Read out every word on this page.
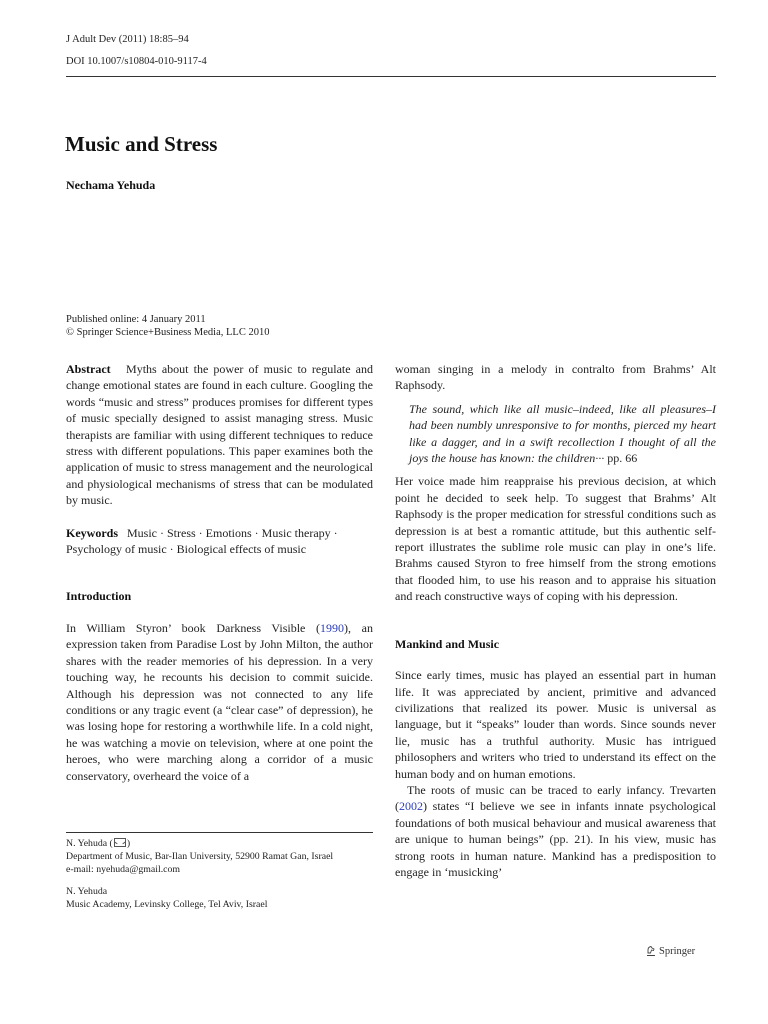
J Adult Dev (2011) 18:85–94
DOI 10.1007/s10804-010-9117-4
Music and Stress
Nechama Yehuda
Published online: 4 January 2011
© Springer Science+Business Media, LLC 2010

Abstract Myths about the power of music to regulate and change emotional states are found in each culture. Googling the words “music and stress” produces promises for different types of music specially designed to assist managing stress. Music therapists are familiar with using different techniques to reduce stress with different populations. This paper examines both the application of music to stress management and the neurological and physiological mechanisms of stress that can be modulated by music.

Keywords Music · Stress · Emotions · Music therapy · Psychology of music · Biological effects of music

Introduction

In William Styron’ book Darkness Visible (1990), an expression taken from Paradise Lost by John Milton, the author shares with the reader memories of his depression. In a very touching way, he recounts his decision to commit suicide. Although his depression was not connected to any life conditions or any tragic event (a “clear case” of depression), he was losing hope for restoring a worthwhile life. In a cold night, he was watching a movie on television, where at one point the heroes, who were marching along a corridor of a music conservatory, overheard the voice of a

N. Yehuda ( )

Department of Music, Bar-Ilan University, 52900 Ramat Gan, Israel

e-mail: nyehuda@gmail.com

N. Yehuda

Music Academy, Levinsky College, Tel Aviv, Israel

woman singing in a melody in contralto from Brahms’ Alt Raphsody.

The sound, which like all music–indeed, like all pleasures–I had been numbly unresponsive to for months, pierced my heart like a dagger, and in a swift recollection I thought of all the joys the house has known: the children··· pp. 66

Her voice made him reappraise his previous decision, at which point he decided to seek help. To suggest that Brahms’ Alt Raphsody is the proper medication for stressful conditions such as depression is at best a romantic attitude, but this authentic self-report illustrates the sublime role music can play in one’s life. Brahms caused Styron to free himself from the strong emotions that flooded him, to use his reason and to appraise his situation and reach constructive ways of coping with his depression.

Mankind and Music

Since early times, music has played an essential part in human life. It was appreciated by ancient, primitive and advanced civilizations that realized its power. Music is universal as language, but it “speaks” louder than words. Since sounds never lie, music has a truthful authority. Music has intrigued philosophers and writers who tried to understand its effect on the human body and on human emotions.

The roots of music can be traced to early infancy. Trevarten (2002) states “I believe we see in infants innate psychological foundations of both musical behaviour and musical awareness that are unique to human beings” (pp. 21). In his view, music has strong roots in human nature. Mankind has a predisposition to engage in ‘musicking’

Springer
